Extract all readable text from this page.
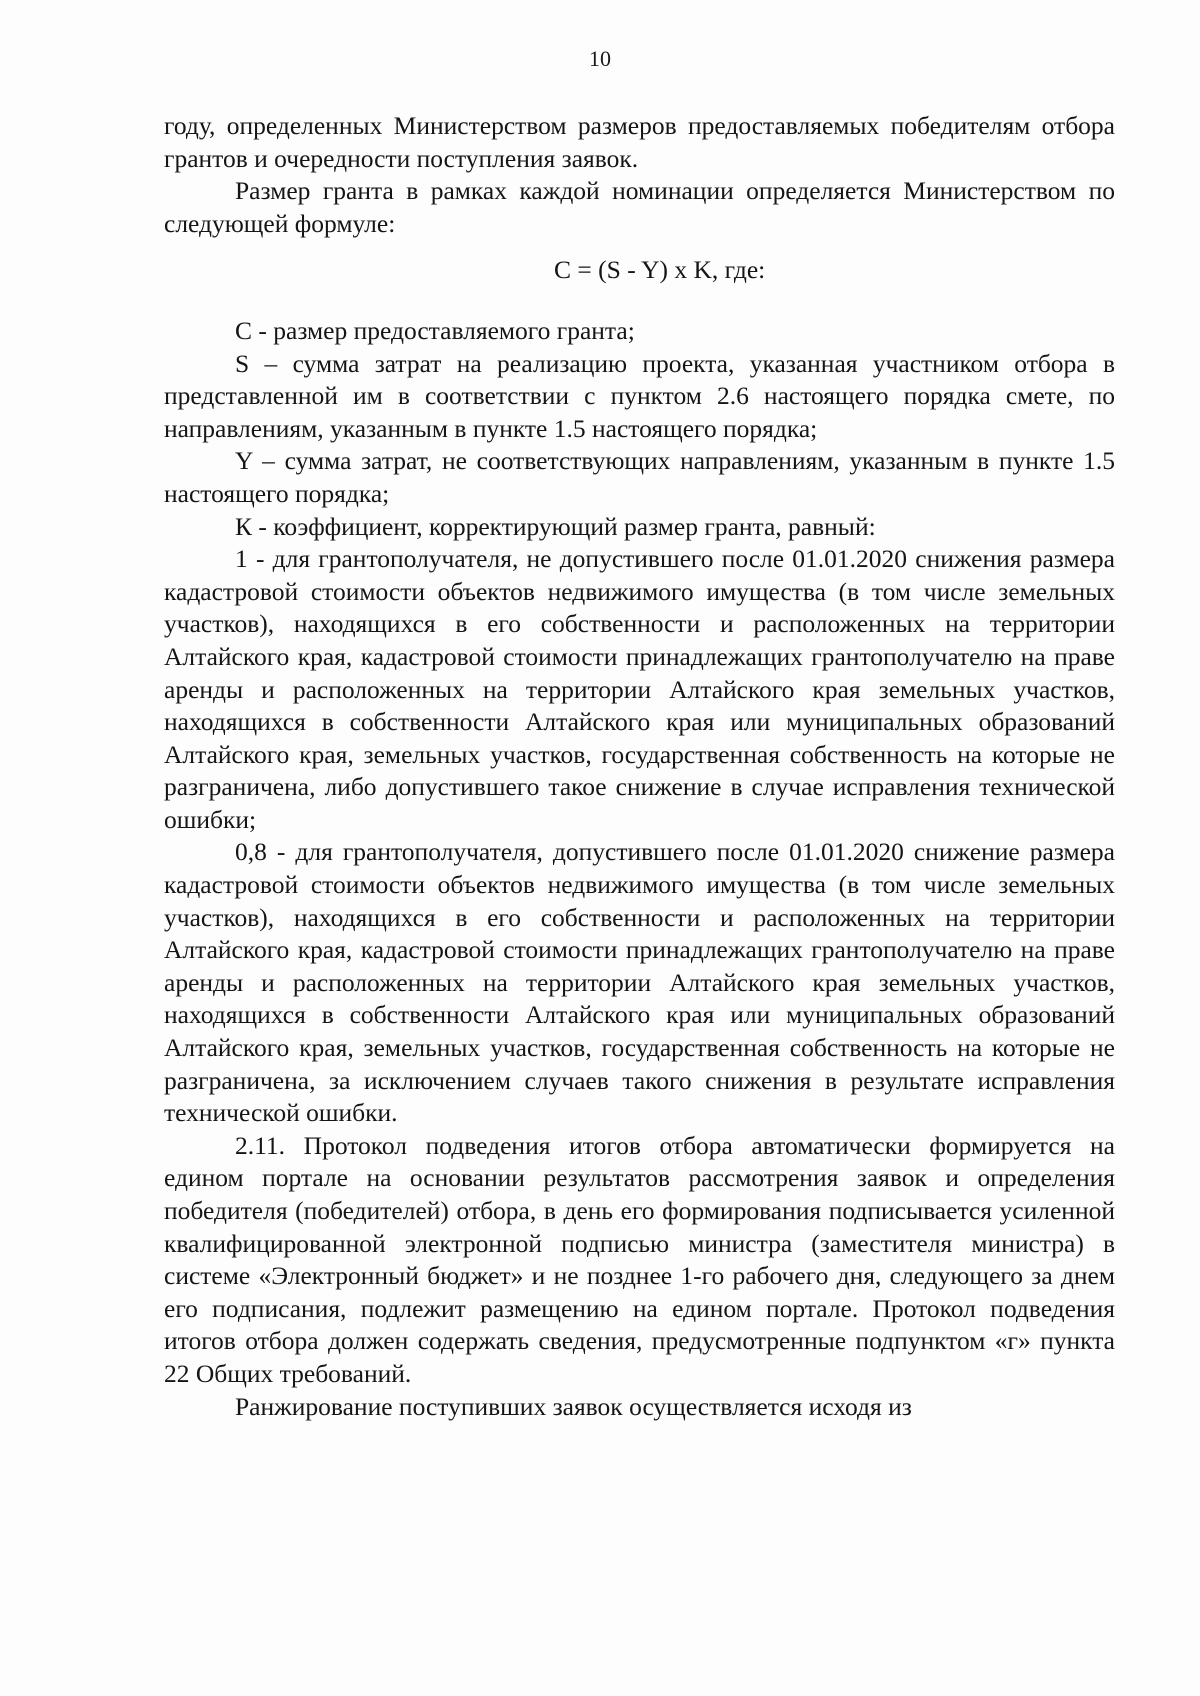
10

году, определенных Министерством размеров предоставляемых победителям отбора грантов и очередности поступления заявок.

Размер гранта в рамках каждой номинации определяется Министерством по следующей формуле:

C = (S - Y) x K, где:

C - размер предоставляемого гранта;

S – сумма затрат на реализацию проекта, указанная участником отбора в представленной им в соответствии с пунктом 2.6 настоящего порядка смете, по направлениям, указанным в пункте 1.5 настоящего порядка;

Y – сумма затрат, не соответствующих направлениям, указанным в пункте 1.5 настоящего порядка;

К - коэффициент, корректирующий размер гранта, равный:

1 - для грантополучателя, не допустившего после 01.01.2020 снижения размера кадастровой стоимости объектов недвижимого имущества (в том числе земельных участков), находящихся в его собственности и расположенных на территории Алтайского края, кадастровой стоимости принадлежащих грантополучателю на праве аренды и расположенных на территории Алтайского края земельных участков, находящихся в собственности Алтайского края или муниципальных образований Алтайского края, земельных участков, государственная собственность на которые не разграничена, либо допустившего такое снижение в случае исправления технической ошибки;

0,8 - для грантополучателя, допустившего после 01.01.2020 снижение размера кадастровой стоимости объектов недвижимого имущества (в том числе земельных участков), находящихся в его собственности и расположенных на территории Алтайского края, кадастровой стоимости принадлежащих грантополучателю на праве аренды и расположенных на территории Алтайского края земельных участков, находящихся в собственности Алтайского края или муниципальных образований Алтайского края, земельных участков, государственная собственность на которые не разграничена, за исключением случаев такого снижения в результате исправления технической ошибки.

2.11. Протокол подведения итогов отбора автоматически формируется на едином портале на основании результатов рассмотрения заявок и определения победителя (победителей) отбора, в день его формирования подписывается усиленной квалифицированной электронной подписью министра (заместителя министра) в системе «Электронный бюджет» и не позднее 1-го рабочего дня, следующего за днем его подписания, подлежит размещению на едином портале. Протокол подведения итогов отбора должен содержать сведения, предусмотренные подпунктом «г» пункта 22 Общих требований.

Ранжирование поступивших заявок осуществляется исходя из
